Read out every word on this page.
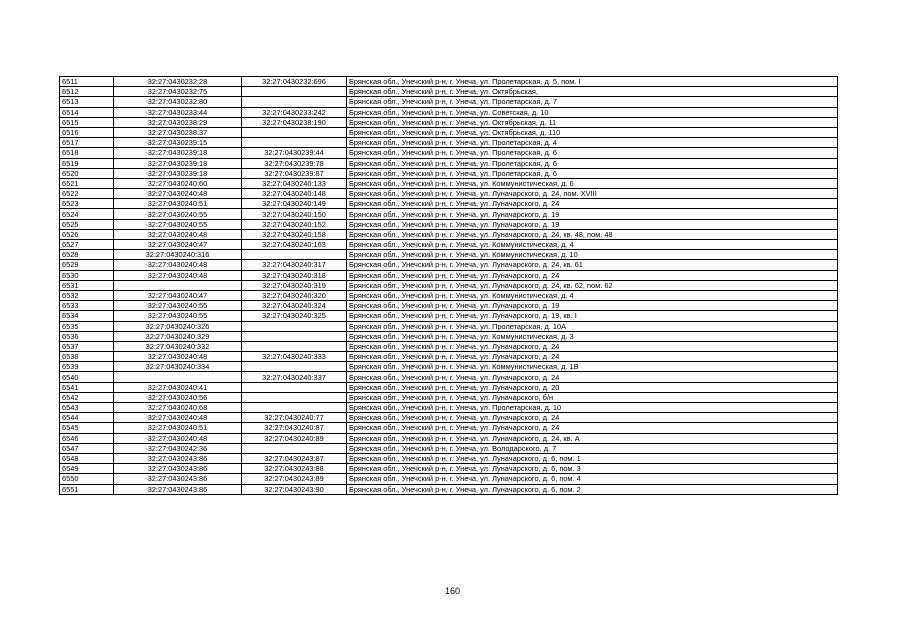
6511	32:27:0430232:28	32:27:0430232:696	Брянская обл., Унечский р-н, г. Унеча, ул. Пролетарская, д. 5, пом. I
6512	32:27:0430232:75		Брянская обл., Унечский р-н, г. Унеча, ул. Октябрьская,
6513	32:27:0430232:80		Брянская обл., Унечский р-н, г. Унеча, ул. Пролетарская, д. 7
6514	32:27:0430233:44	32:27:0430233:242	Брянская обл., Унечский р-н, г. Унеча, ул. Советская, д. 10
6515	32:27:0430238:29	32:27:0430238:190	Брянская обл., Унечский р-н, г. Унеча, ул. Октябрьская, д. 11
6516	32:27:0430238:37		Брянская обл., Унечский р-н, г. Унеча, ул. Октябрьская, д. 110
6517	32:27:0430239:15		Брянская обл., Унечский р-н, г. Унеча, ул. Пролетарская, д. 4
6518	32:27:0430239:18	32:27:0430239:44	Брянская обл., Унечский р-н, г. Унеча, ул. Пролетарская, д. 6
6519	32:27:0430239:18	32:27:0430239:78	Брянская обл., Унечский р-н, г. Унеча, ул. Пролетарская, д. 6
6520	32:27:0430239:18	32:27:0430239:87	Брянская обл., Унечский р-н, г. Унеча, ул. Пролетарская, д. 6
6521	32:27:0430240:60	32:27:0430240:133	Брянская обл., Унечский р-н, г. Унеча, ул. Коммунистическая, д. 6
6522	32:27:0430240:48	32:27:0430240:148	Брянская обл., Унечский р-н, г. Унеча, ул. Луначарского, д. 24, пом. XVIII
6523	32:27:0430240:51	32:27:0430240:149	Брянская обл., Унечский р-н, г. Унеча, ул. Луначарского, д. 24
6524	32:27:0430240:55	32:27:0430240:150	Брянская обл., Унечский р-н, г. Унеча, ул. Луначарского, д. 19
6525	32:27:0430240:55	32:27:0430240:152	Брянская обл., Унечский р-н, г. Унеча, ул. Луначарского, д. 19
6526	32:27:0430240:48	32:27:0430240:158	Брянская обл., Унечский р-н, г. Унеча, ул. Луначарского, д. 24, кв. 48, пом. 48
6527	32:27:0430240:47	32:27:0430240:163	Брянская обл., Унечский р-н, г. Унеча, ул. Коммунистическая, д. 4
6528	32:27:0430240:316		Брянская обл., Унечский р-н, г. Унеча, ул. Коммунистическая, д. 10
6529	32:27:0430240:48	32:27:0430240:317	Брянская обл., Унечский р-н, г. Унеча, ул. Луначарского, д. 24, кв. 61
6530	32:27:0430240:48	32:27:0430240:318	Брянская обл., Унечский р-н, г. Унеча, ул. Луначарского, д. 24
6531		32:27:0430240:319	Брянская обл., Унечский р-н, г. Унеча, ул. Луначарского, д. 24, кв. 62, пом. 62
6532	32:27:0430240:47	32:27:0430240:320	Брянская обл., Унечский р-н, г. Унеча, ул. Коммунистическая, д. 4
6533	32:27:0430240:55	32:27:0430240:324	Брянская обл., Унечский р-н, г. Унеча, ул. Луначарского, д. 19
6534	32:27:0430240:55	32:27:0430240:325	Брянская обл., Унечский р-н, г. Унеча, ул. Луначарского, д. 19, кв. I
6535	32:27:0430240:326		Брянская обл., Унечский р-н, г. Унеча, ул. Пролетарская, д. 10А
6536	32:27:0430240:329		Брянская обл., Унечский р-н, г. Унеча, ул. Коммунистическая, д. 3
6537	32:27:0430240:332		Брянская обл., Унечский р-н, г. Унеча, ул. Луначарского, д. 24
6538	32:27:0430240:48	32:27:0430240:333	Брянская обл., Унечский р-н, г. Унеча, ул. Луначарского, д. 24
6539	32:27:0430240:334		Брянская обл., Унечский р-н, г. Унеча, ул. Коммунистическая, д. 1В
6540		32:27:0430240:337	Брянская обл., Унечский р-н, г. Унеча, ул. Луначарского, д. 24
6541	32:27:0430240:41		Брянская обл., Унечский р-н, г. Унеча, ул. Луначарского, д. 20
6542	32:27:0430240:56		Брянская обл., Унечский р-н, г. Унеча, ул. Луначарского, б/н
6543	32:27:0430240:68		Брянская обл., Унечский р-н, г. Унеча, ул. Пролетарская, д. 10
6544	32:27:0430240:48	32:27:0430240:77	Брянская обл., Унечский р-н, г. Унеча, ул. Луначарского, д. 24
6545	32:27:0430240:51	32:27:0430240:87	Брянская обл., Унечский р-н, г. Унеча, ул. Луначарского, д. 24
6546	32:27:0430240:48	32:27:0430240:89	Брянская обл., Унечский р-н, г. Унеча, ул. Луначарского, д. 24, кв. А
6547	32:27:0430242:36		Брянская обл., Унечский р-н, г. Унеча, ул. Володарского, д. 7
6548	32:27:0430243:86	32:27:0430243:87	Брянская обл., Унечский р-н, г. Унеча, ул. Луначарского, д. 6, пом. 1
6549	32:27:0430243:86	32:27:0430243:88	Брянская обл., Унечский р-н, г. Унеча, ул. Луначарского, д. 6, пом. 3
6550	32:27:0430243:86	32:27:0430243:89	Брянская обл., Унечский р-н, г. Унеча, ул. Луначарского, д. 6, пом. 4
6551	32:27:0430243:86	32:27:0430243:90	Брянская обл., Унечский р-н, г. Унеча, ул. Луначарского, д. 6, пом. 2
160
